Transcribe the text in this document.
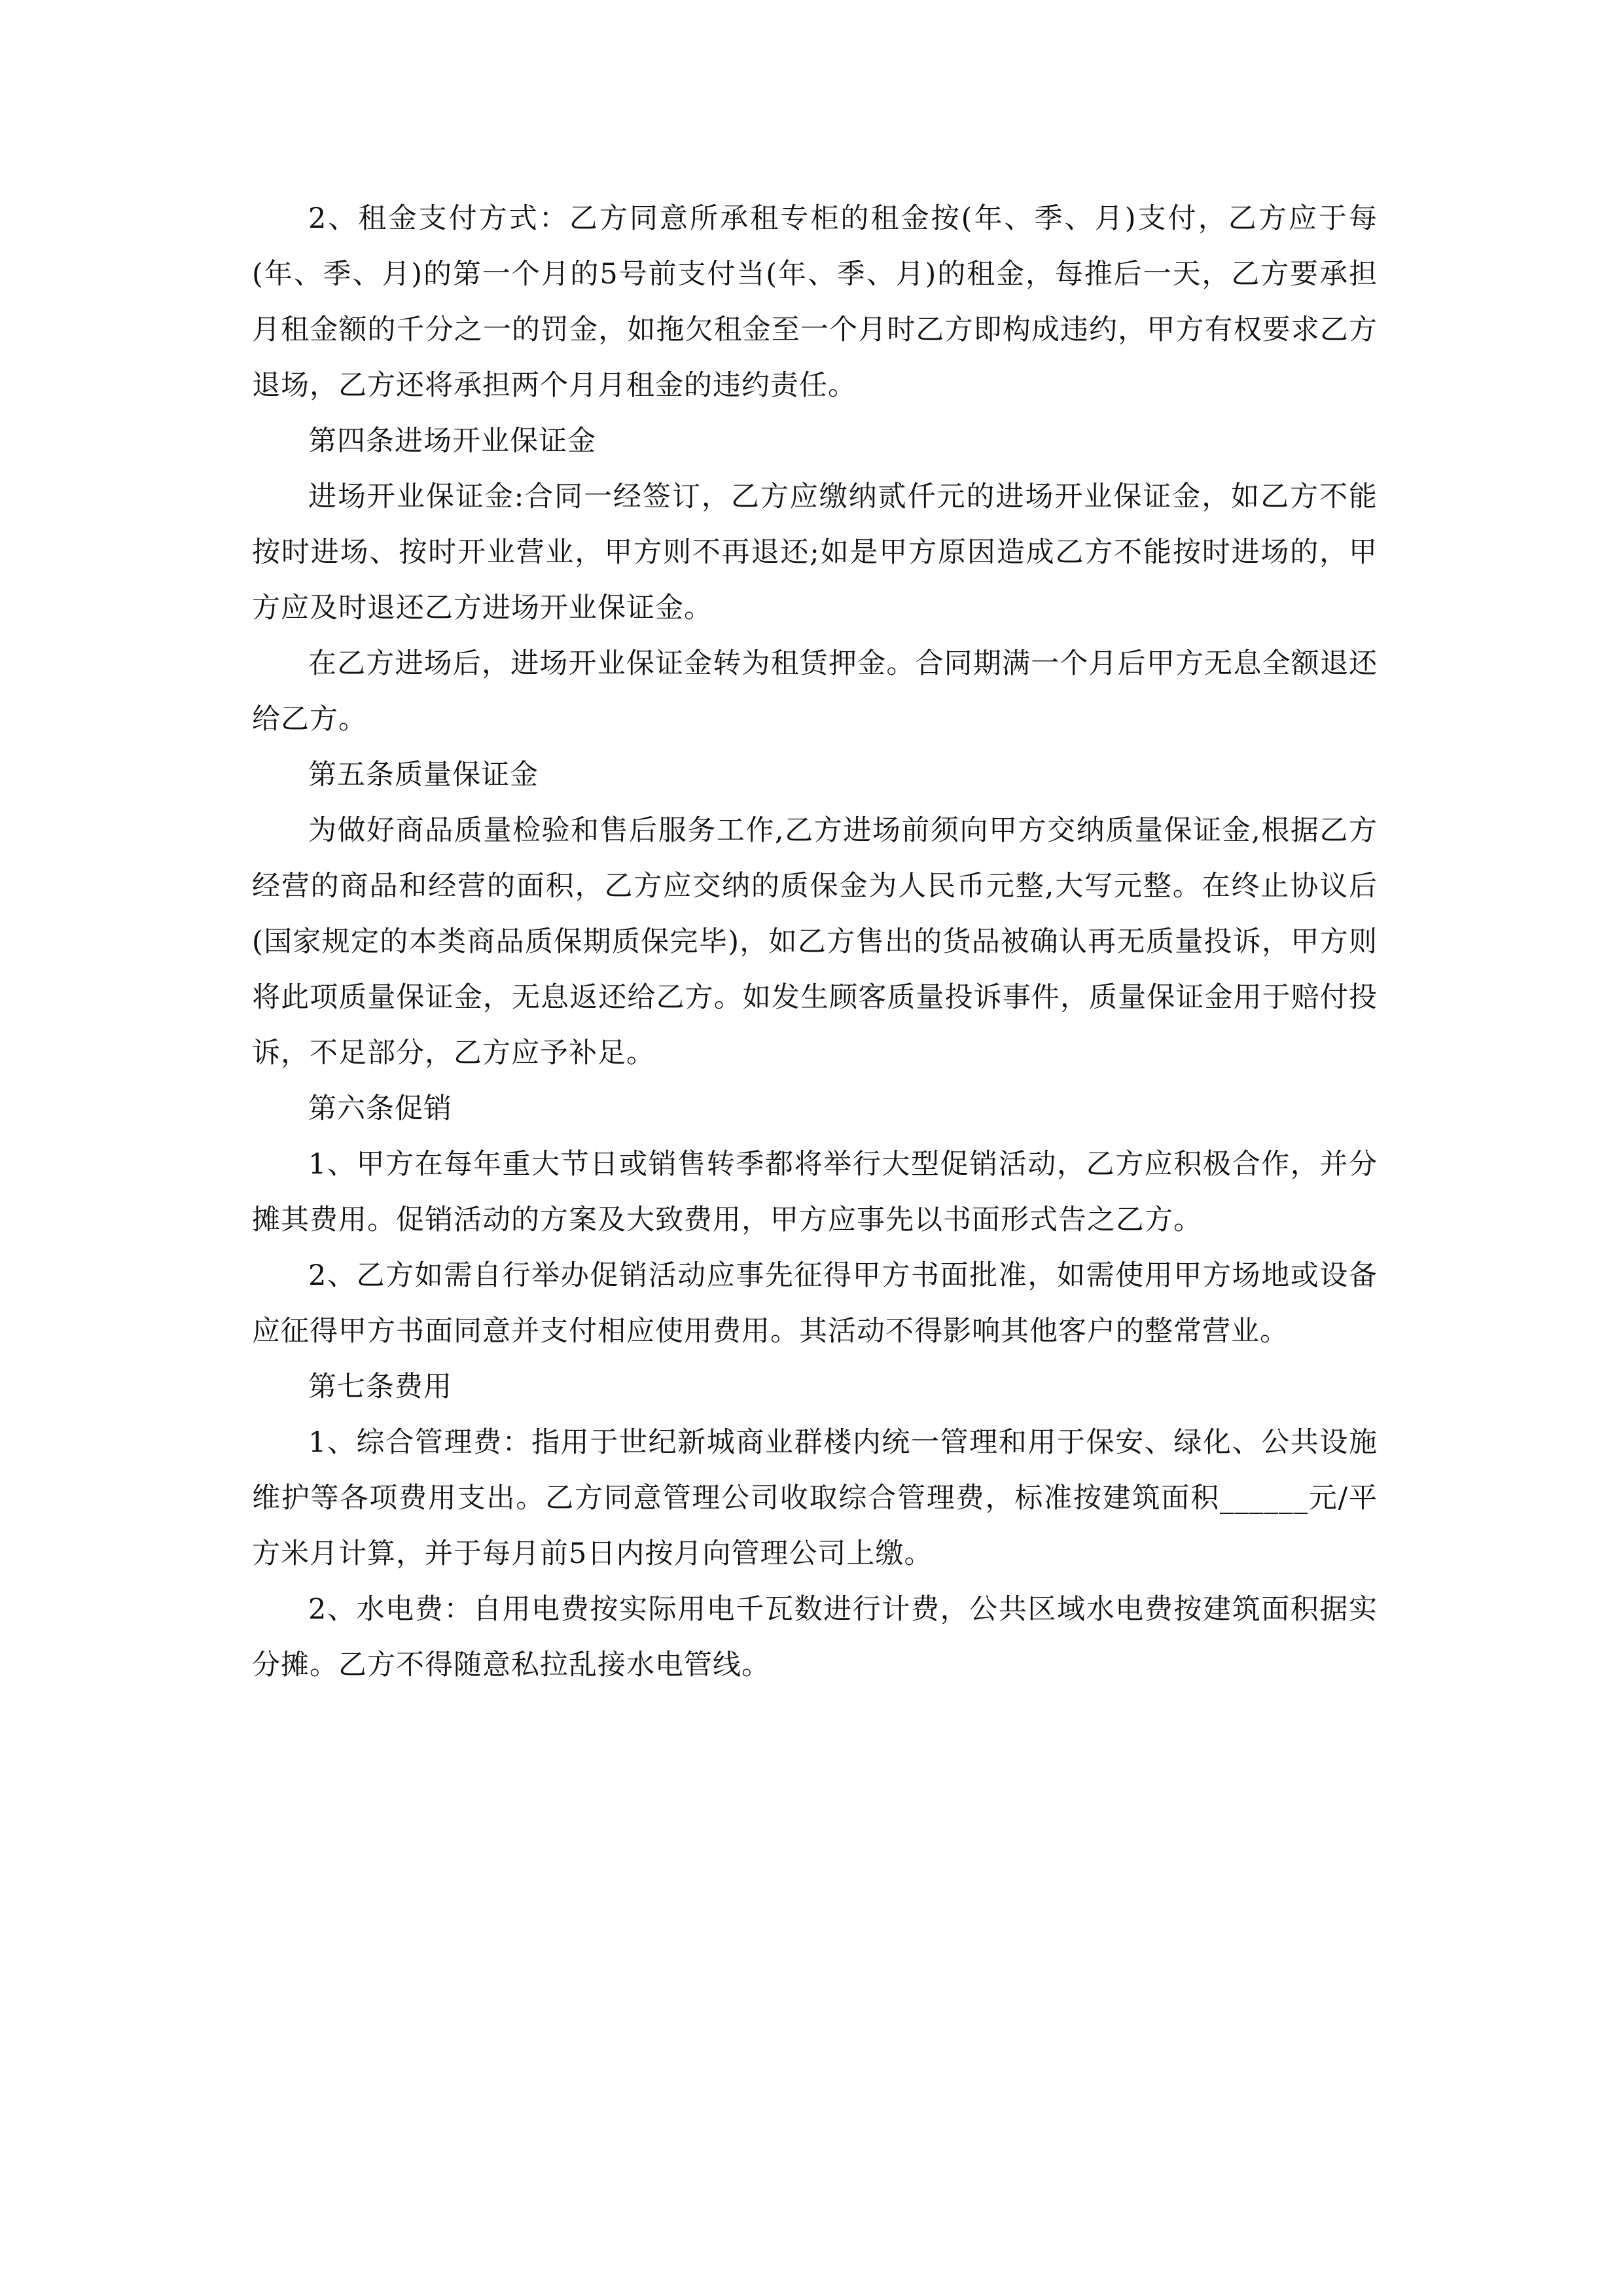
2、租金支付方式：乙方同意所承租专柜的租金按(年、季、月)支付，乙方应于每(年、季、月)的第一个月的5号前支付当(年、季、月)的租金，每推后一天，乙方要承担月租金额的千分之一的罚金，如拖欠租金至一个月时乙方即构成违约，甲方有权要求乙方退场，乙方还将承担两个月月租金的违约责任。

第四条进场开业保证金

进场开业保证金:合同一经签订，乙方应缴纳贰仟元的进场开业保证金，如乙方不能按时进场、按时开业营业，甲方则不再退还;如是甲方原因造成乙方不能按时进场的，甲方应及时退还乙方进场开业保证金。

在乙方进场后，进场开业保证金转为租赁押金。合同期满一个月后甲方无息全额退还给乙方。

第五条质量保证金

为做好商品质量检验和售后服务工作,乙方进场前须向甲方交纳质量保证金,根据乙方经营的商品和经营的面积，乙方应交纳的质保金为人民币元整,大写元整。在终止协议后(国家规定的本类商品质保期质保完毕)，如乙方售出的货品被确认再无质量投诉，甲方则将此项质量保证金，无息返还给乙方。如发生顾客质量投诉事件，质量保证金用于赔付投诉，不足部分，乙方应予补足。

第六条促销

1、甲方在每年重大节日或销售转季都将举行大型促销活动，乙方应积极合作，并分摊其费用。促销活动的方案及大致费用，甲方应事先以书面形式告之乙方。

2、乙方如需自行举办促销活动应事先征得甲方书面批准，如需使用甲方场地或设备应征得甲方书面同意并支付相应使用费用。其活动不得影响其他客户的整常营业。

第七条费用

1、综合管理费：指用于世纪新城商业群楼内统一管理和用于保安、绿化、公共设施维护等各项费用支出。乙方同意管理公司收取综合管理费，标准按建筑面积______元/平方米月计算，并于每月前5日内按月向管理公司上缴。

2、水电费：自用电费按实际用电千瓦数进行计费，公共区域水电费按建筑面积据实分摊。乙方不得随意私拉乱接水电管线。
